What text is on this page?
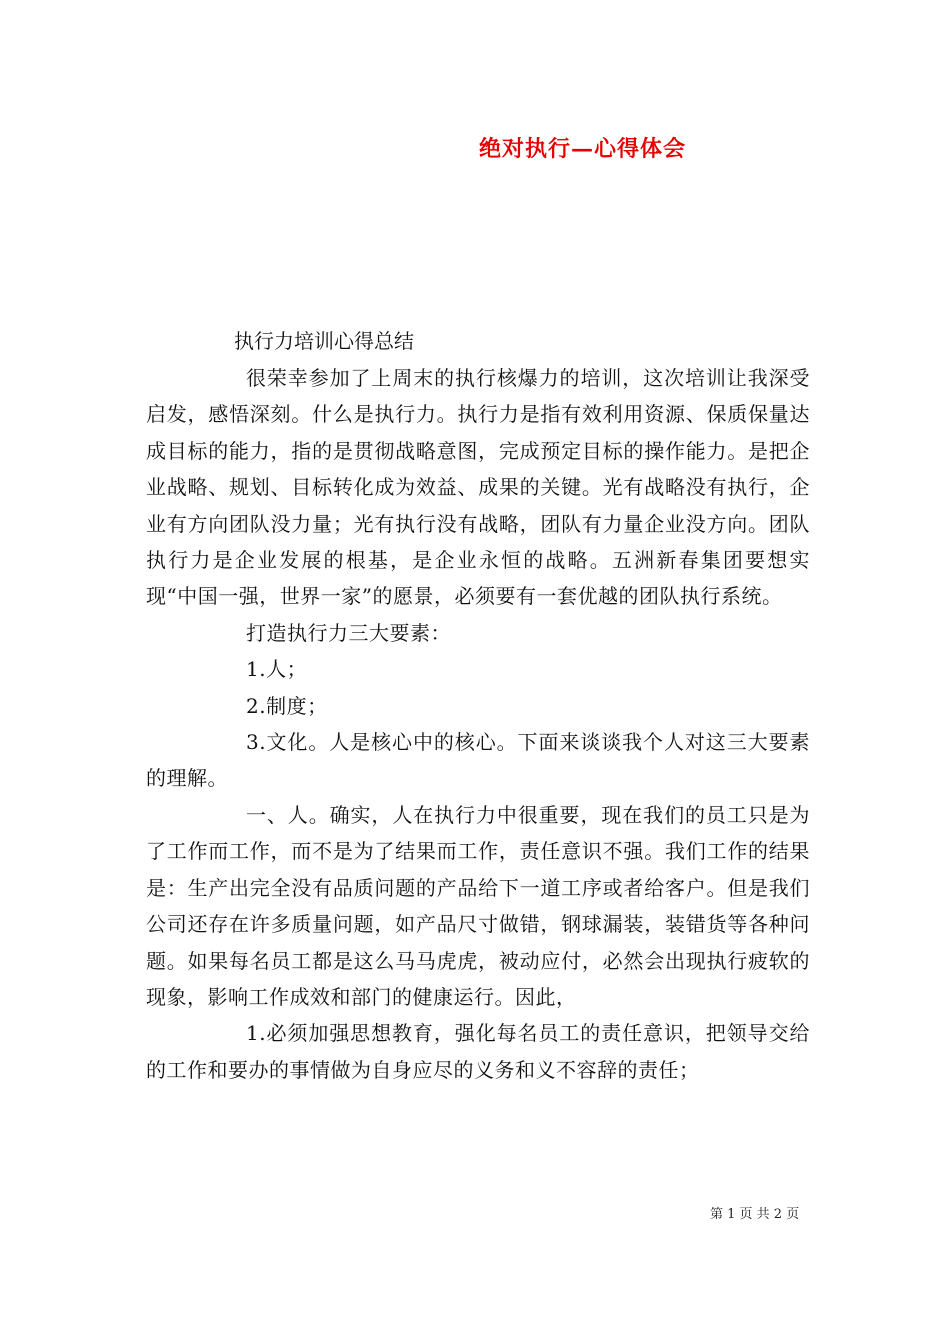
绝对执行—心得体会
执行力培训心得总结

很荣幸参加了上周末的执行核爆力的培训，这次培训让我深受启发，感悟深刻。什么是执行力。执行力是指有效利用资源、保质保量达成目标的能力，指的是贯彻战略意图，完成预定目标的操作能力。是把企业战略、规划、目标转化成为效益、成果的关键。光有战略没有执行，企业有方向团队没力量；光有执行没有战略，团队有力量企业没方向。团队执行力是企业发展的根基，是企业永恒的战略。五洲新春集团要想实现“中国一强，世界一家”的愿景，必须要有一套优越的团队执行系统。

打造执行力三大要素：

1.人；

2.制度；

3.文化。人是核心中的核心。下面来谈谈我个人对这三大要素的理解。

一、人。确实，人在执行力中很重要，现在我们的员工只是为了工作而工作，而不是为了结果而工作，责任意识不强。我们工作的结果是：生产出完全没有品质问题的产品给下一道工序或者给客户。但是我们公司还存在许多质量问题，如产品尺寸做错，钢球漏装，装错货等各种问题。如果每名员工都是这么马马虎虎，被动应付，必然会出现执行疲软的现象，影响工作成效和部门的健康运行。因此，

1.必须加强思想教育，强化每名员工的责任意识，把领导交给的工作和要办的事情做为自身应尽的义务和义不容辞的责任；

第 1 页 共 2 页
